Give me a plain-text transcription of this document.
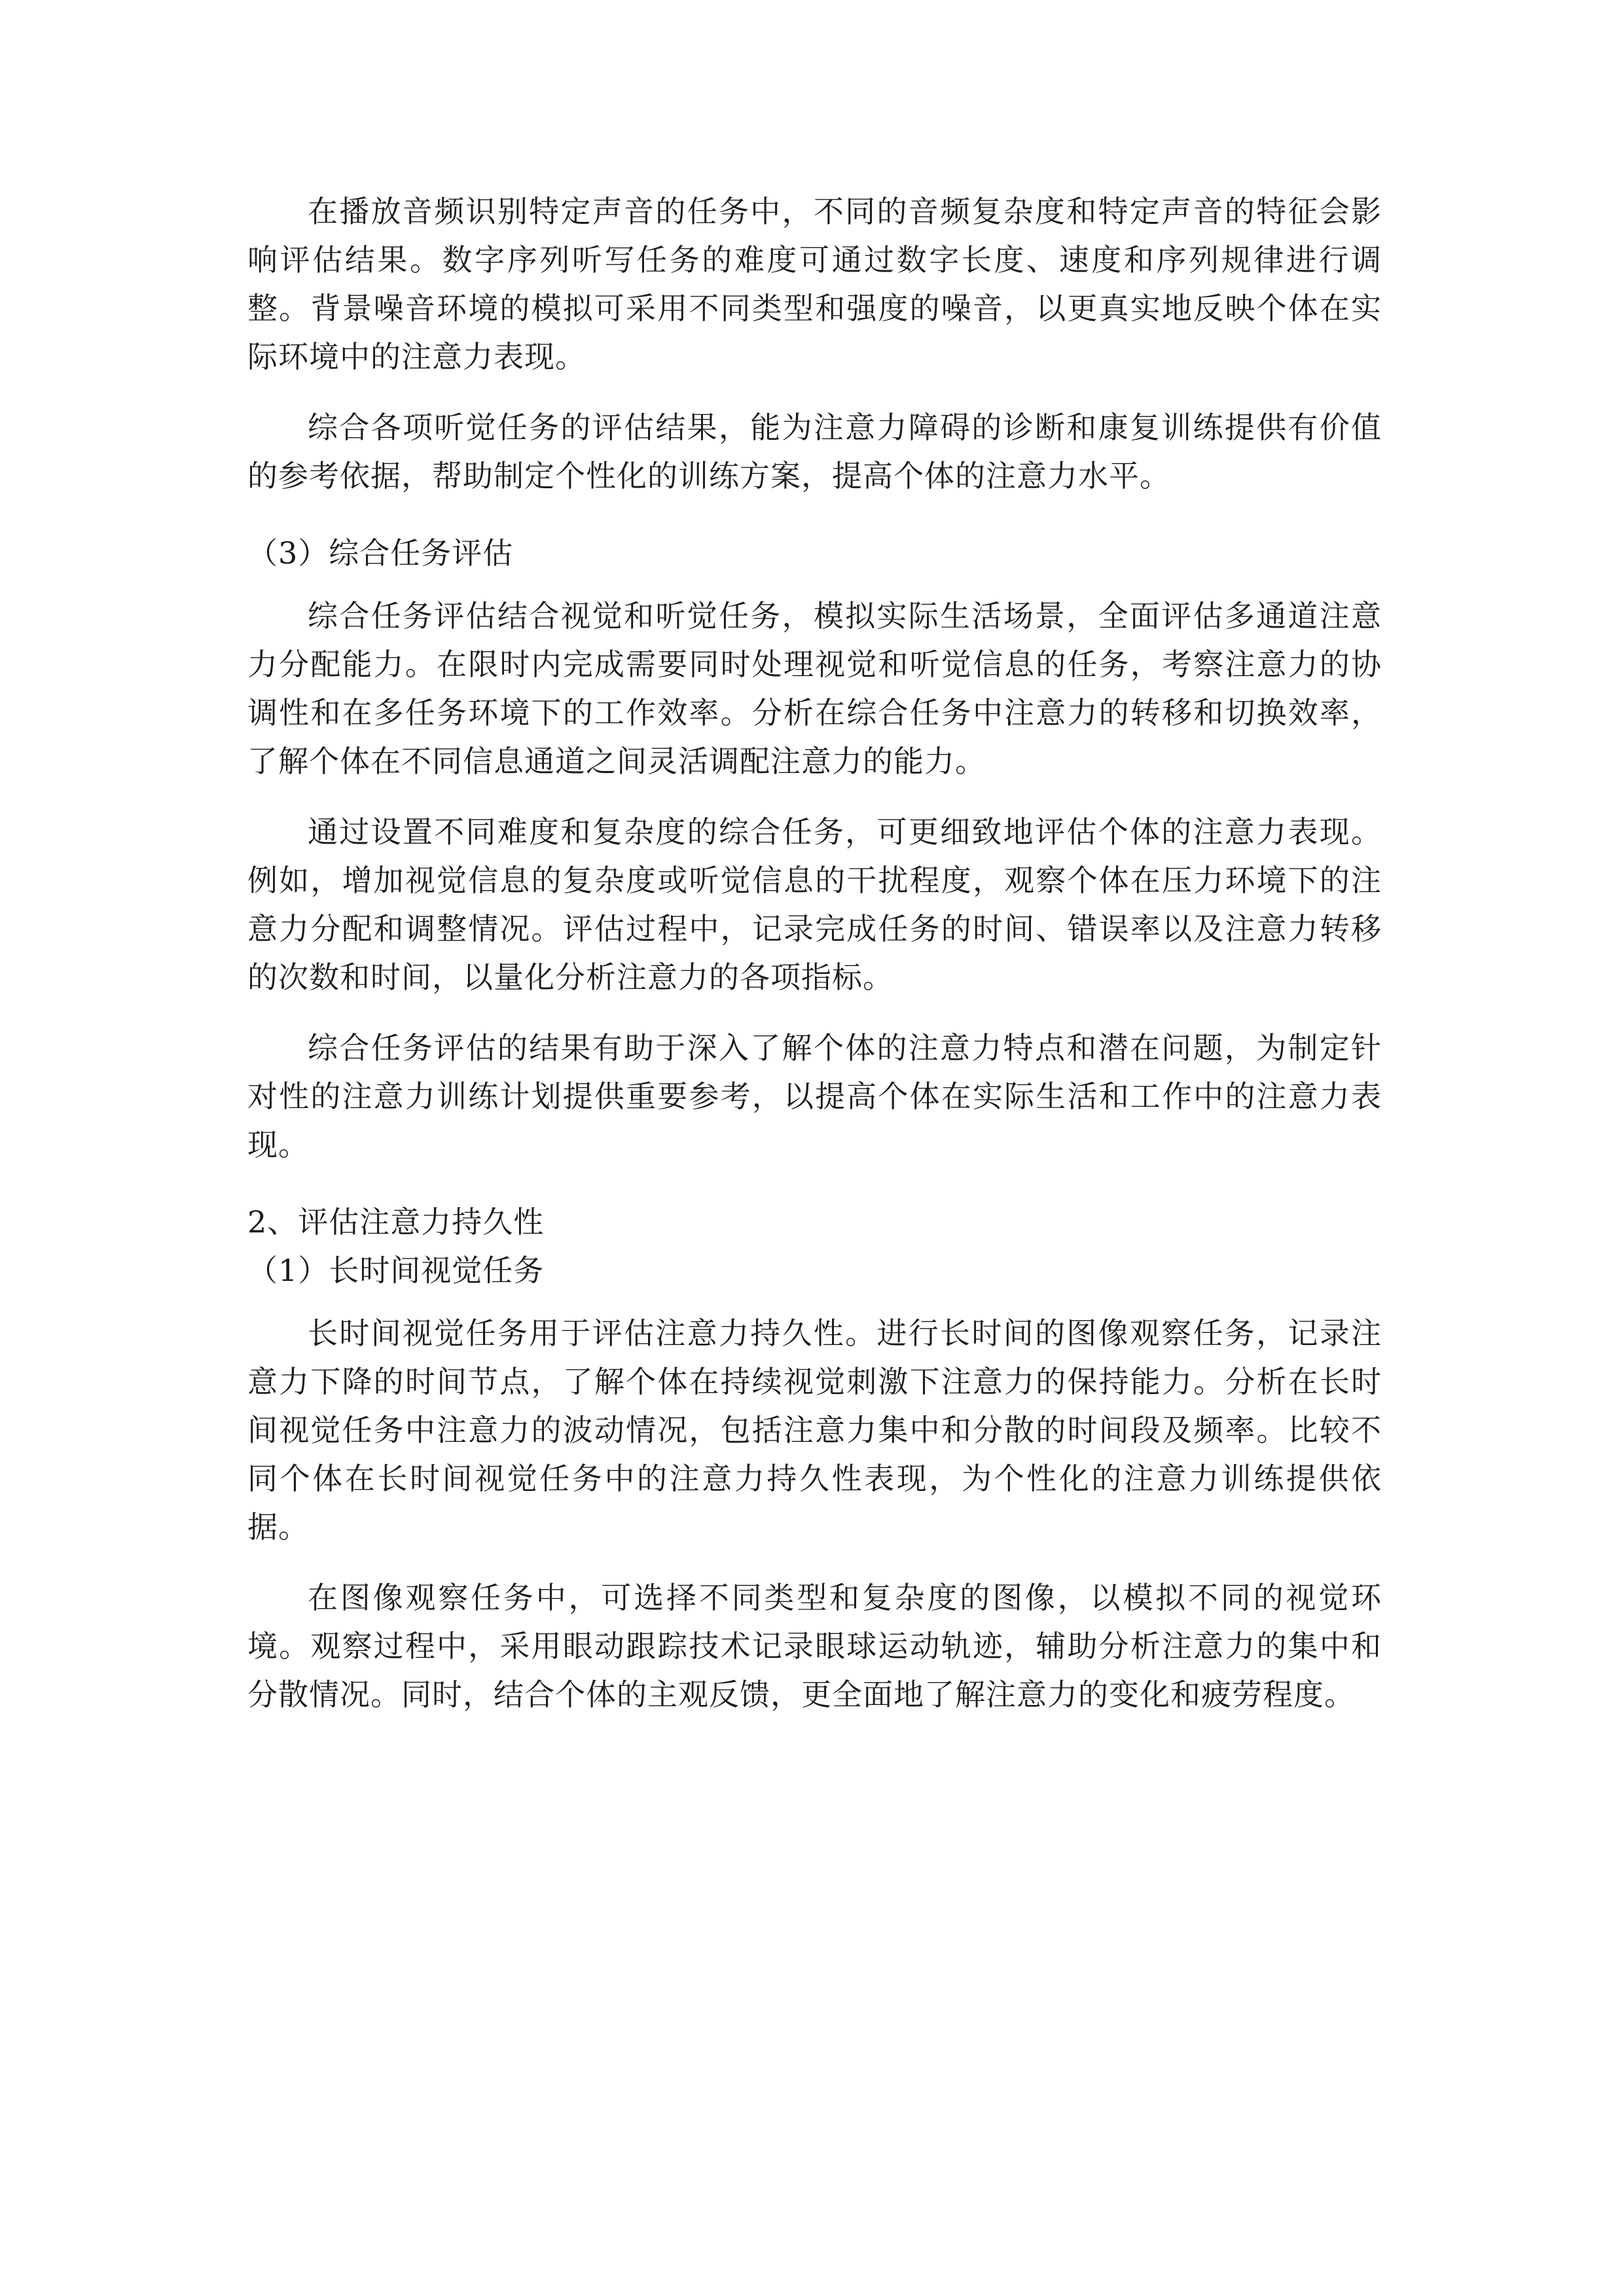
在播放音频识别特定声音的任务中，不同的音频复杂度和特定声音的特征会影响评估结果。数字序列听写任务的难度可通过数字长度、速度和序列规律进行调整。背景噪音环境的模拟可采用不同类型和强度的噪音，以更真实地反映个体在实际环境中的注意力表现。

综合各项听觉任务的评估结果，能为注意力障碍的诊断和康复训练提供有价值的参考依据，帮助制定个性化的训练方案，提高个体的注意力水平。

（3）综合任务评估

综合任务评估结合视觉和听觉任务，模拟实际生活场景，全面评估多通道注意力分配能力。在限时内完成需要同时处理视觉和听觉信息的任务，考察注意力的协调性和在多任务环境下的工作效率。分析在综合任务中注意力的转移和切换效率，了解个体在不同信息通道之间灵活调配注意力的能力。

通过设置不同难度和复杂度的综合任务，可更细致地评估个体的注意力表现。例如，增加视觉信息的复杂度或听觉信息的干扰程度，观察个体在压力环境下的注意力分配和调整情况。评估过程中，记录完成任务的时间、错误率以及注意力转移的次数和时间，以量化分析注意力的各项指标。

综合任务评估的结果有助于深入了解个体的注意力特点和潜在问题，为制定针对性的注意力训练计划提供重要参考，以提高个体在实际生活和工作中的注意力表现。

2、评估注意力持久性

（1）长时间视觉任务

长时间视觉任务用于评估注意力持久性。进行长时间的图像观察任务，记录注意力下降的时间节点，了解个体在持续视觉刺激下注意力的保持能力。分析在长时间视觉任务中注意力的波动情况，包括注意力集中和分散的时间段及频率。比较不同个体在长时间视觉任务中的注意力持久性表现，为个性化的注意力训练提供依据。

在图像观察任务中，可选择不同类型和复杂度的图像，以模拟不同的视觉环境。观察过程中，采用眼动跟踪技术记录眼球运动轨迹，辅助分析注意力的集中和分散情况。同时，结合个体的主观反馈，更全面地了解注意力的变化和疲劳程度。
